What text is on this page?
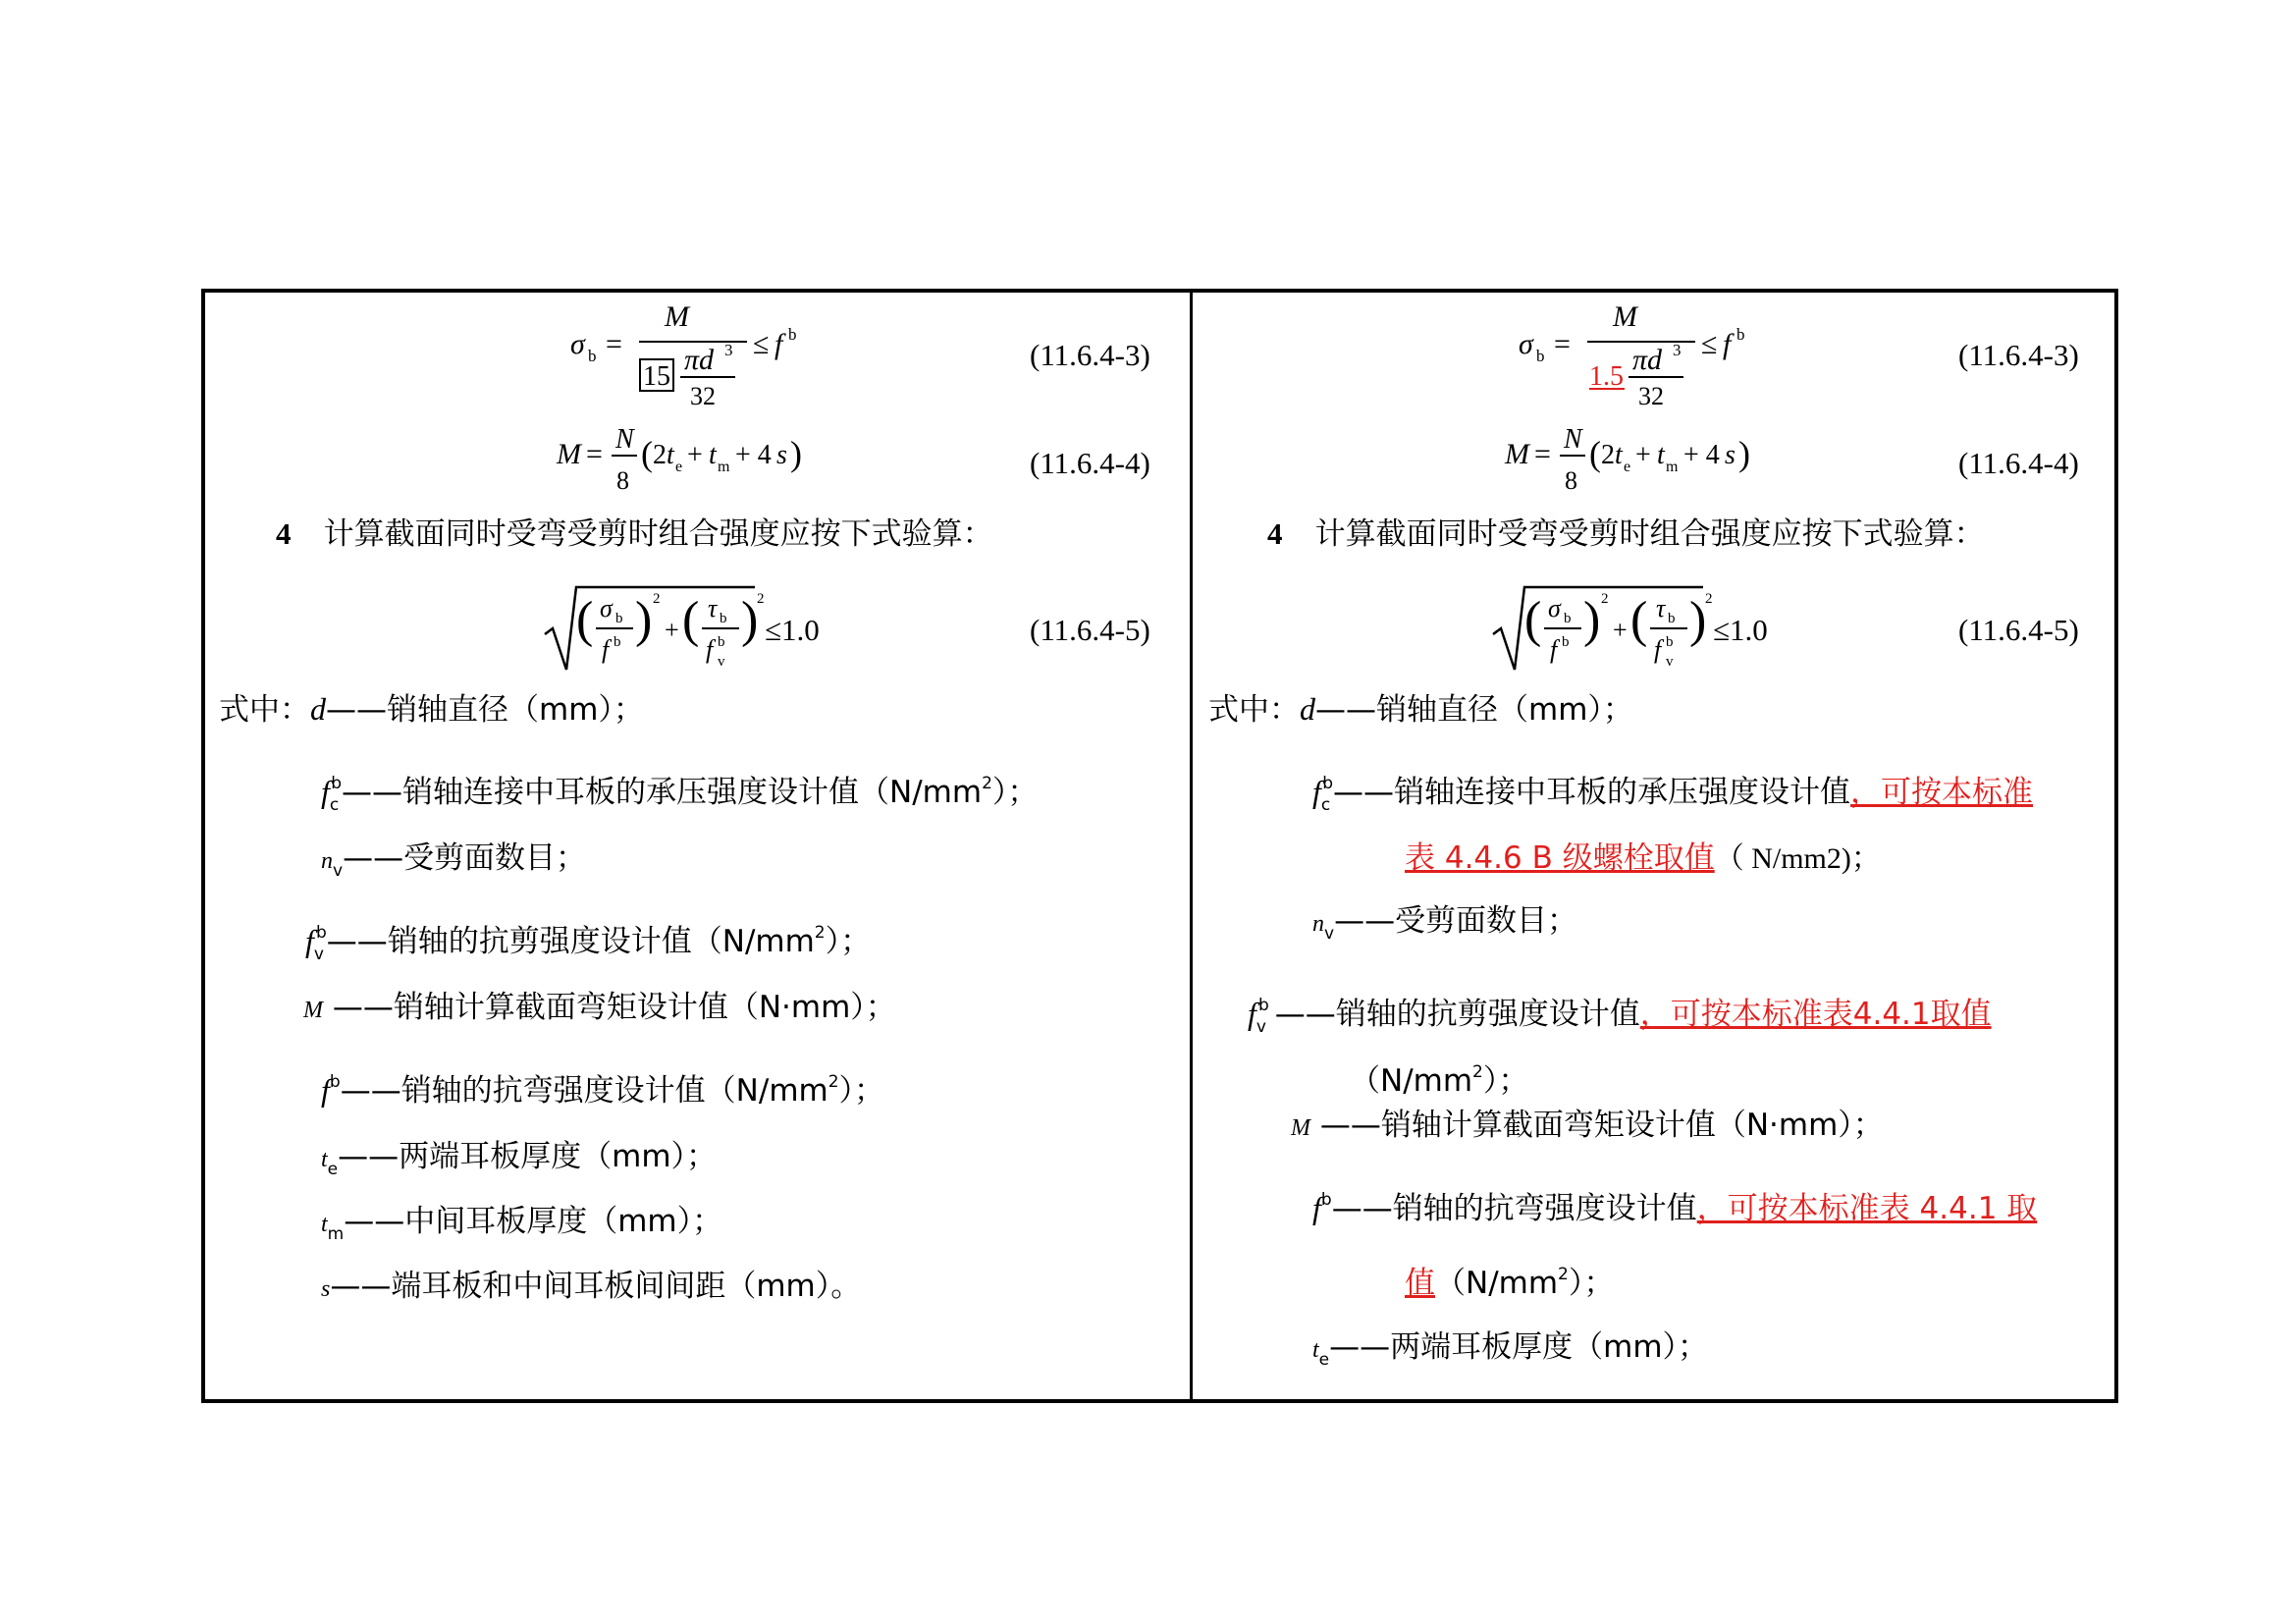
σ b =
M
15
πd 3
32
≤ f b
(11.6.4-3)
M = N
8
( 2 t e + t m + 4 s )	(11.6.4-4)
4 计算截面同时受弯受剪时组合强度应按下式验算：
( σ b
f b ) 2
+ ( τ b
f b
v
)
2
≤1.0	(11.6.4-5)
式中：d——销轴直径（mm）；
$f_c^b——$销轴连接中耳板的承压强度设计值$(N/mm^2)$；
$n_v——$受剪面数目；
$f_v^b——$销轴的抗剪强度设计值$(N/mm^2)$；
M ——销轴计算截面弯矩设计值（N·mm）；
$f^b——$销轴的抗弯强度设计值$(N/mm^2)$；
$t_e——$两端耳板厚度（mm）；
$t_m——$中间耳板厚度（mm）；
s——端耳板和中间耳板间间距（mm）。
σ b =
M
1.5
πd 3
32
≤ f b
(11.6.4-3)
M = N
8
( 2 t e + t m + 4 s )	(11.6.4-4)
4 计算截面同时受弯受剪时组合强度应按下式验算：
( σ b
f b ) 2
+ ( τ b
f b
v
)
2
≤1.0	(11.6.4-5)
式中：d——销轴直径（mm）；
$f_c^b——$销轴连接中耳板的承压强度设计值，可按本标准
表 4.4.6 B 级螺栓取值（ N/mm2)；
$n_v——$受剪面数目；
$f_v^b$ ——销轴的抗剪强度设计值，可按本标准表4.4.1取值
$(N/mm^2)$；
M ——销轴计算截面弯矩设计值（N·mm）；
$f^b——$销轴的抗弯强度设计值，可按本标准表 4.4.1 取
值$(N/mm^2)$；
$t_e——$两端耳板厚度（mm）；
